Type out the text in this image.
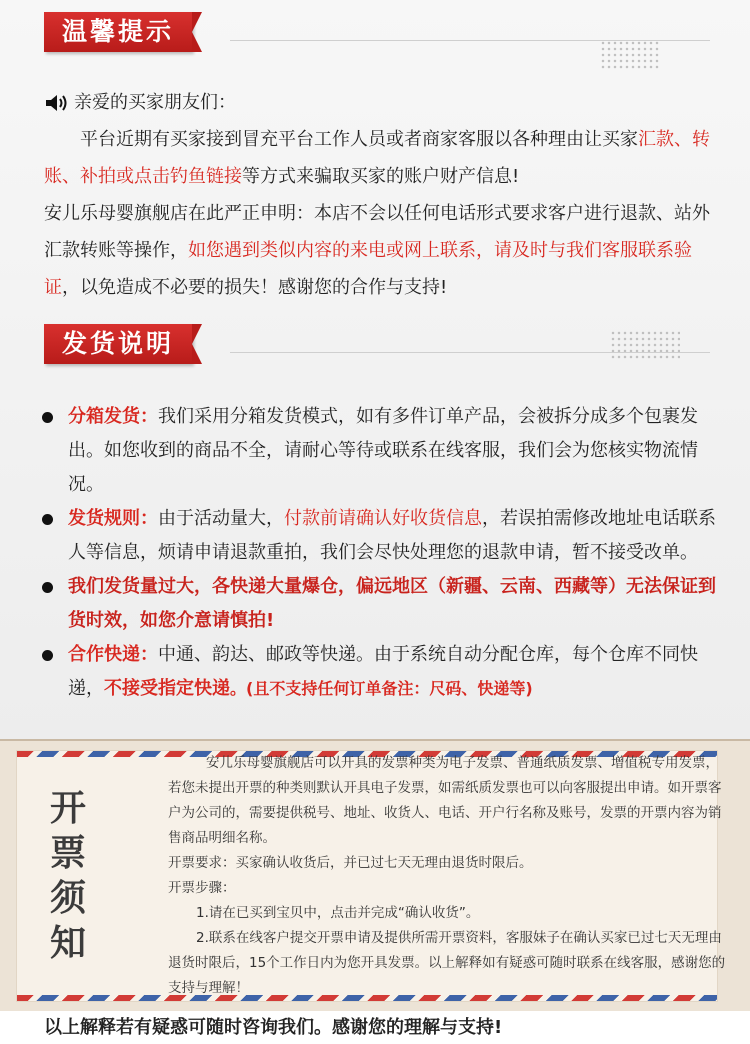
温馨提示
亲爱的买家朋友们：
平台近期有买家接到冒充平台工作人员或者商家客服以各种理由让买家汇款、转账、补拍或点击钓鱼链接等方式来骗取买家的账户财产信息!
安儿乐母婴旗舰店在此严正申明：本店不会以任何电话形式要求客户进行退款、站外汇款转账等操作，如您遇到类似内容的来电或网上联系，请及时与我们客服联系验证，以免造成不必要的损失！感谢您的合作与支持!
发货说明
分箱发货：我们采用分箱发货模式，如有多件订单产品，会被拆分成多个包裹发出。如您收到的商品不全，请耐心等待或联系在线客服，我们会为您核实物流情况。
发货规则：由于活动量大，付款前请确认好收货信息，若误拍需修改地址电话联系人等信息，烦请申请退款重拍，我们会尽快处理您的退款申请，暂不接受改单。
我们发货量过大，各快递大量爆仓，偏远地区（新疆、云南、西藏等）无法保证到货时效，如您介意请慎拍!
合作快递：中通、韵达、邮政等快递。由于系统自动分配仓库，每个仓库不同快递，不接受指定快递。(且不支持任何订单备注：尺码、快递等)
开
票
须
知
安儿乐母婴旗舰店可以开具的发票种类为电子发票、普通纸质发票、增值税专用发票，若您未提出开票的种类则默认开具电子发票，如需纸质发票也可以向客服提出申请。如开票客户为公司的，需要提供税号、地址、收货人、电话、开户行名称及账号，发票的开票内容为销售商品明细名称。
开票要求：买家确认收货后，并已过七天无理由退货时限后。
开票步骤：
1.请在已买到宝贝中，点击并完成“确认收货”。
2.联系在线客户提交开票申请及提供所需开票资料，客服妹子在确认买家已过七天无理由退货时限后，15个工作日内为您开具发票。以上解释如有疑惑可随时联系在线客服，感谢您的支持与理解！
以上解释若有疑惑可随时咨询我们。感谢您的理解与支持!
